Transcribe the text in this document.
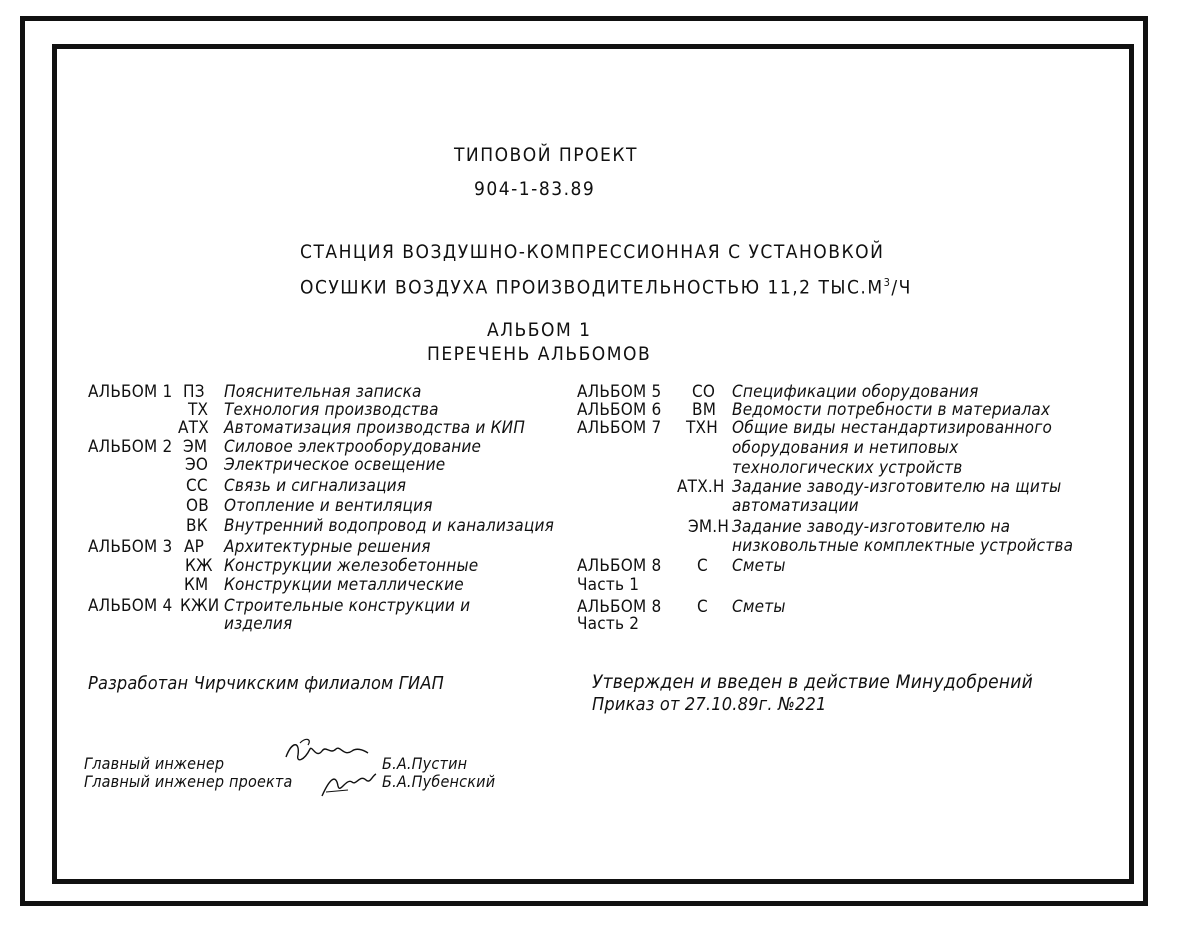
ТИПОВОЙ ПРОЕКТ
904-1-83.89
СТАНЦИЯ ВОЗДУШНО-КОМПРЕССИОННАЯ С УСТАНОВКОЙ
ОСУШКИ ВОЗДУХА ПРОИЗВОДИТЕЛЬНОСТЬЮ 11,2 $ТЫС.М^3/Ч$
АЛЬБОМ 1
ПЕРЕЧЕНЬ АЛЬБОМОВ
АЛЬБОМ 1 ПЗ Пояснительная записка
ТХ Технология производства
АТХ Автоматизация производства и КИП
АЛЬБОМ 2 ЭМ Силовое электрооборудование
ЭО Электрическое освещение
СС Связь и сигнализация
ОВ Отопление и вентиляция
ВК Внутренний водопровод и канализация
АЛЬБОМ 3 АР Архитектурные решения
КЖ Конструкции железобетонные
КМ Конструкции металлические
АЛЬБОМ 4 КЖИ Строительные конструкции и
изделия
АЛЬБОМ 5 СО Спецификации оборудования
АЛЬБОМ 6 ВМ Ведомости потребности в материалах
АЛЬБОМ 7 ТХН Общие виды нестандартизированного
оборудования и нетиповых
технологических устройств
АТХ.Н Задание заводу-изготовителю на щиты
автоматизации
ЭМ.Н Задание заводу-изготовителю на
низковольтные комплектные устройства
АЛЬБОМ 8 С Сметы
Часть 1
АЛЬБОМ 8 С Сметы
Часть 2
Разработан Чирчикским филиалом ГИАП	Утвержден и введен в действие Минудобрений
Приказ от 27.10.89г. №221
Главный инженер	Б.А.Пустин
Главный инженер проекта	Б.А.Пубенский
